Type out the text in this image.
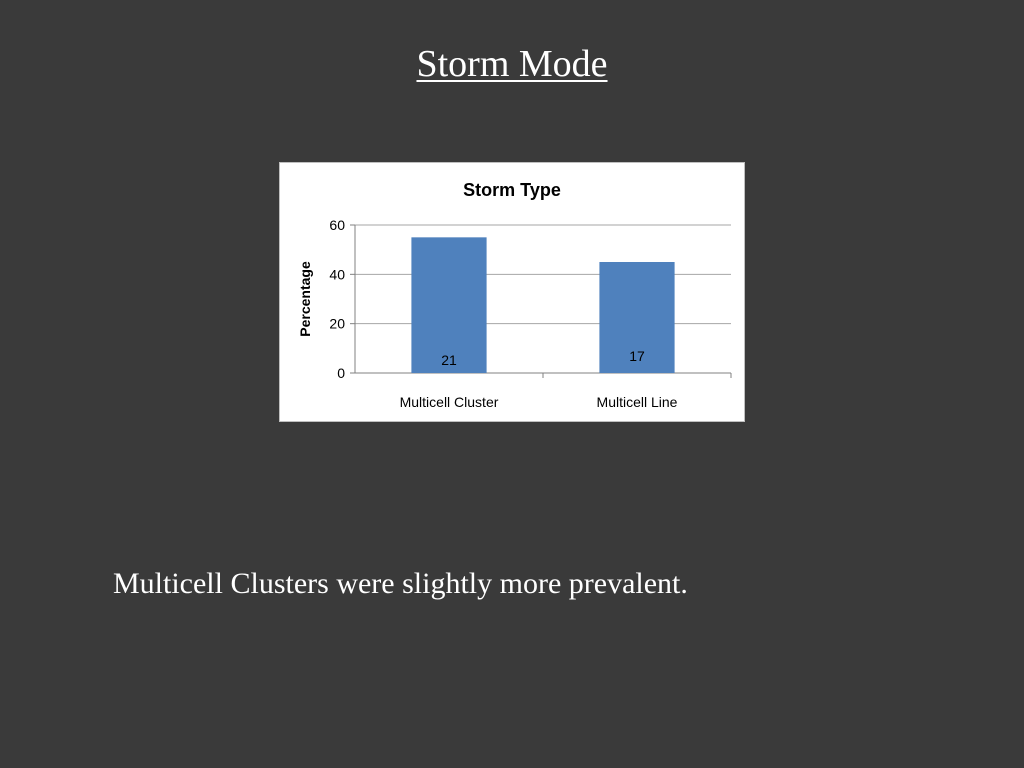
Storm Mode
Storm Type
Percentage
0
20
40
60
Multicell Cluster
21
Multicell Line
17
Multicell Clusters were slightly more prevalent.
